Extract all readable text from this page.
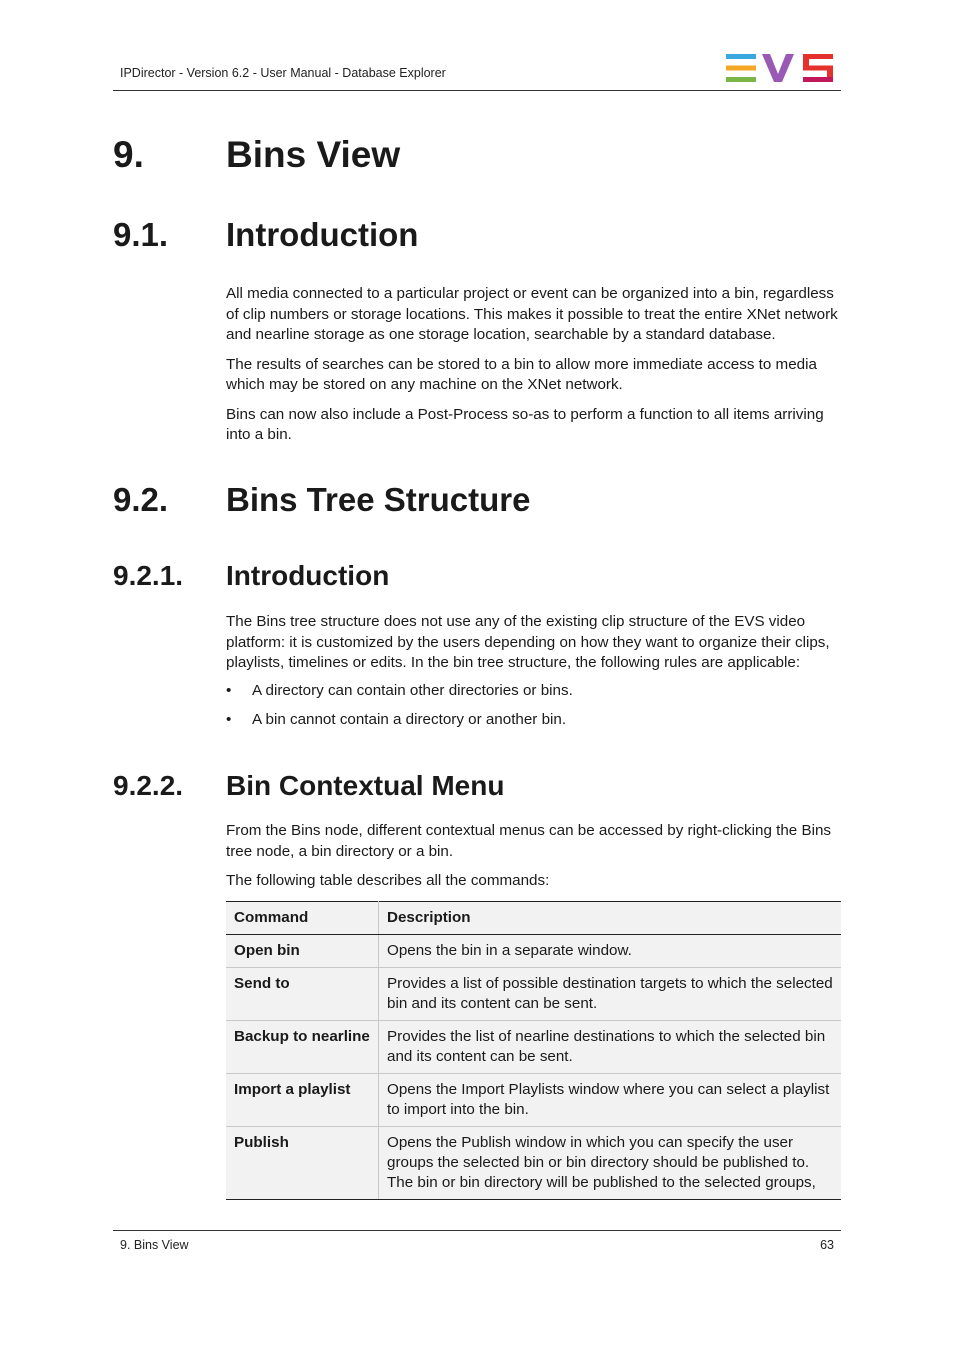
IPDirector - Version 6.2 - User Manual - Database Explorer
9. Bins View
9.1. Introduction

All media connected to a particular project or event can be organized into a bin, regardless of clip numbers or storage locations. This makes it possible to treat the entire XNet network and nearline storage as one storage location, searchable by a standard database.

The results of searches can be stored to a bin to allow more immediate access to media which may be stored on any machine on the XNet network.

Bins can now also include a Post-Process so-as to perform a function to all items arriving into a bin.

9.2. Bins Tree Structure
9.2.1. Introduction

The Bins tree structure does not use any of the existing clip structure of the EVS video platform: it is customized by the users depending on how they want to organize their clips, playlists, timelines or edits. In the bin tree structure, the following rules are applicable:

• A directory can contain other directories or bins.
• A bin cannot contain a directory or another bin.
9.2.2. Bin Contextual Menu

From the Bins node, different contextual menus can be accessed by right-clicking the Bins tree node, a bin directory or a bin.

The following table describes all the commands:

Command	Description
Open bin	Opens the bin in a separate window.
Send to	Provides a list of possible destination targets to which the selected bin and its content can be sent.
Backup to nearline	Provides the list of nearline destinations to which the selected bin and its content can be sent.
Import a playlist	Opens the Import Playlists window where you can select a playlist to import into the bin.
Publish	Opens the Publish window in which you can specify the user groups the selected bin or bin directory should be published to. The bin or bin directory will be published to the selected groups,
9. Bins View	63
